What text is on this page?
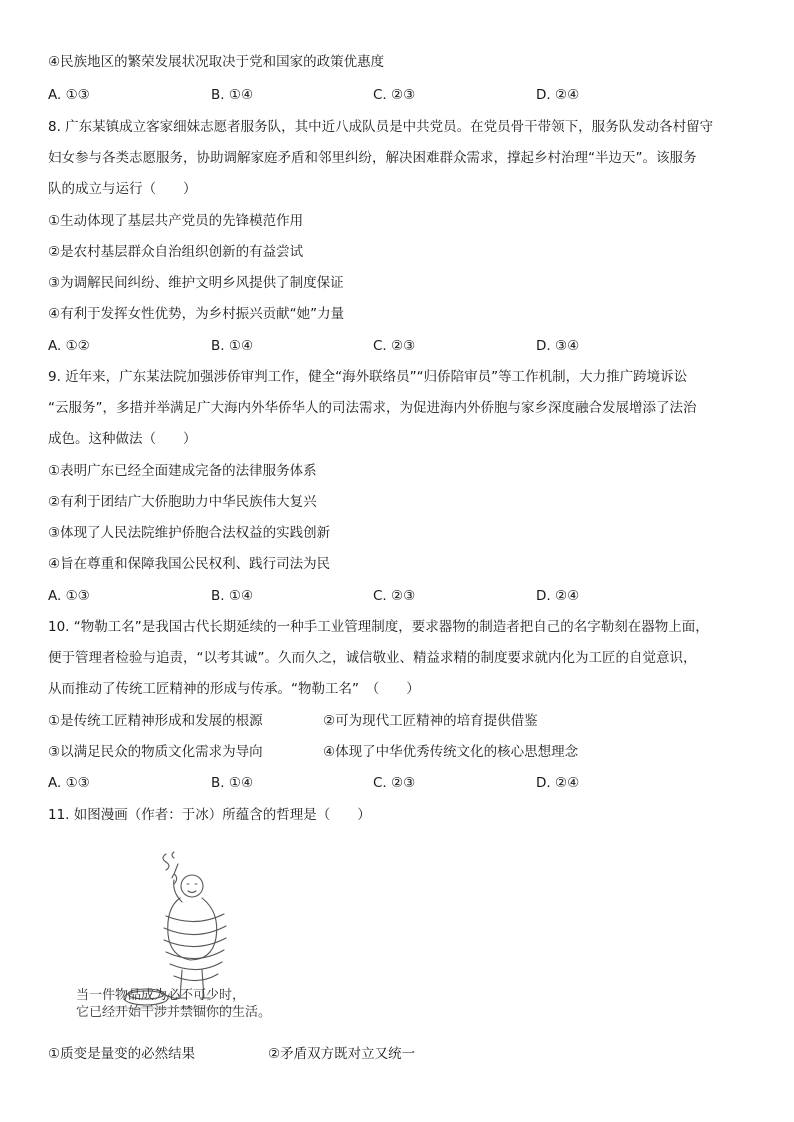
④民族地区的繁荣发展状况取决于党和国家的政策优惠度
A. ①③	B. ①④	C. ②③	D. ②④
8. 广东某镇成立客家细妹志愿者服务队，其中近八成队员是中共党员。在党员骨干带领下，服务队发动各村留守
妇女参与各类志愿服务，协助调解家庭矛盾和邻里纠纷，解决困难群众需求，撑起乡村治理“半边天”。该服务
队的成立与运行（　　）
①生动体现了基层共产党员的先锋模范作用
②是农村基层群众自治组织创新的有益尝试
③为调解民间纠纷、维护文明乡风提供了制度保证
④有利于发挥女性优势，为乡村振兴贡献“她”力量
A. ①②	B. ①④	C. ②③	D. ③④
9. 近年来，广东某法院加强涉侨审判工作，健全“海外联络员”“归侨陪审员”等工作机制，大力推广跨境诉讼
“云服务”，多措并举满足广大海内外华侨华人的司法需求，为促进海内外侨胞与家乡深度融合发展增添了法治
成色。这种做法（　　）
①表明广东已经全面建成完备的法律服务体系
②有利于团结广大侨胞助力中华民族伟大复兴
③体现了人民法院维护侨胞合法权益的实践创新
④旨在尊重和保障我国公民权利、践行司法为民
A. ①③	B. ①④	C. ②③	D. ②④
10. “物勒工名”是我国古代长期延续的一种手工业管理制度，要求器物的制造者把自己的名字勒刻在器物上面，
便于管理者检验与追责，“以考其诚”。久而久之，诚信敬业、精益求精的制度要求就内化为工匠的自觉意识，
从而推动了传统工匠精神的形成与传承。“物勒工名”　（　　）
①是传统工匠精神形成和发展的根源	②可为现代工匠精神的培育提供借鉴
③以满足民众的物质文化需求为导向	④体现了中华优秀传统文化的核心思想理念
A. ①③	B. ①④	C. ②③	D. ②④
11. 如图漫画（作者：于冰）所蕴含的哲理是（　　）
当一件物品成为必不可少时，
它已经开始干涉并禁锢你的生活。
①质变是量变的必然结果	②矛盾双方既对立又统一
